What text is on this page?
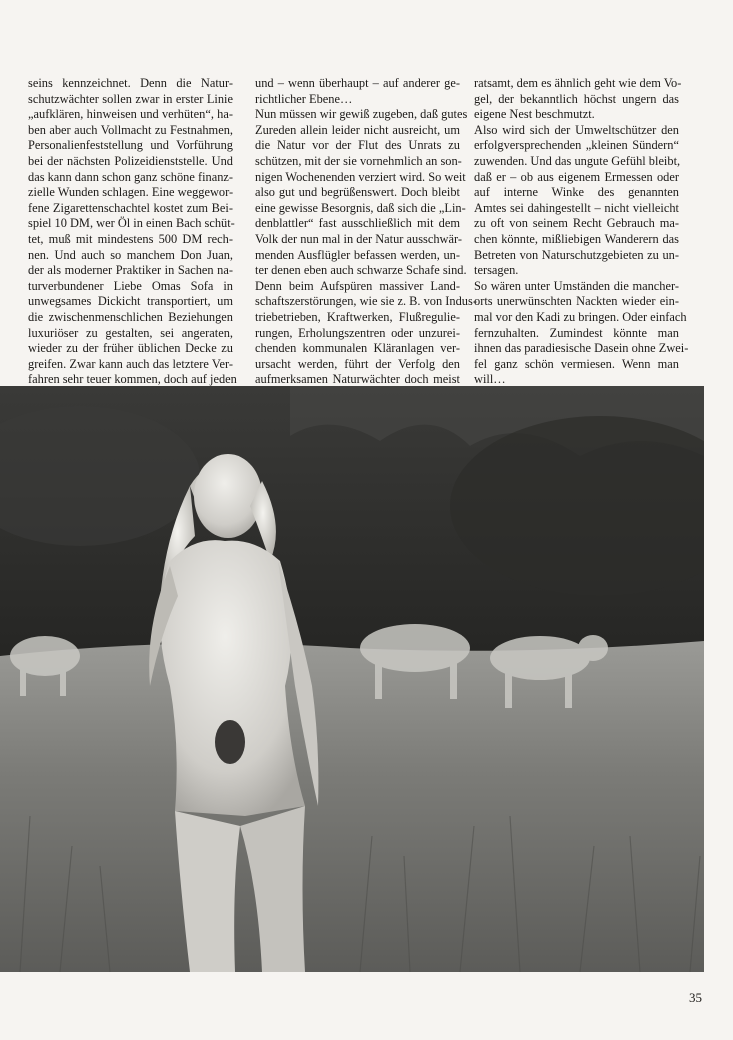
seins kennzeichnet. Denn die Natur-
schutzwächter sollen zwar in erster Linie
„aufklären, hinweisen und verhüten“, ha-
ben aber auch Vollmacht zu Festnahmen,
Personalienfeststellung und Vorführung
bei der nächsten Polizeidienststelle. Und
das kann dann schon ganz schöne finanz-
zielle Wunden schlagen. Eine weggewor-
fene Zigarettenschachtel kostet zum Bei-
spiel 10 DM, wer Öl in einen Bach schüt-
tet, muß mit mindestens 500 DM rech-
nen. Und auch so manchem Don Juan,
der als moderner Praktiker in Sachen na-
turverbundener Liebe Omas Sofa in
unwegsames Dickicht transportiert, um
die zwischenmenschlichen Beziehungen
luxuriöser zu gestalten, sei angeraten,
wieder zu der früher üblichen Decke zu
greifen. Zwar kann auch das letztere Ver-
fahren sehr teuer kommen, doch auf jeden
und – wenn überhaupt – auf anderer ge-
richtlicher Ebene…
Nun müssen wir gewiß zugeben, daß gutes
Zureden allein leider nicht ausreicht, um
die Natur vor der Flut des Unrats zu
schützen, mit der sie vornehmlich an son-
nigen Wochenenden verziert wird. So weit
also gut und begrüßenswert. Doch bleibt
eine gewisse Besorgnis, daß sich die „Lin-
denblattler“ fast ausschließlich mit dem
Volk der nun mal in der Natur ausschwär-
menden Ausflügler befassen werden, un-
ter denen eben auch schwarze Schafe sind.
Denn beim Aufspüren massiver Land-
schaftszerstörungen, wie sie z. B. von Indus-
triebetrieben, Kraftwerken, Flußregulie-
rungen, Erholungszentren oder unzurei-
chenden kommunalen Kläranlagen ver-
ursacht werden, führt der Verfolg den
aufmerksamen Naturwächter doch meist
ratsamt, dem es ähnlich geht wie dem Vo-
gel, der bekanntlich höchst ungern das
eigene Nest beschmutzt.
Also wird sich der Umweltschützer den
erfolgversprechenden „kleinen Sündern“
zuwenden. Und das ungute Gefühl bleibt,
daß er – ob aus eigenem Ermessen oder
auf interne Winke des genannten
Amtes sei dahingestellt – nicht vielleicht
zu oft von seinem Recht Gebrauch ma-
chen könnte, mißliebigen Wanderern das
Betreten von Naturschutzgebieten zu un-
tersagen.
So wären unter Umständen die mancher-
orts unerwünschten Nackten wieder ein-
mal vor den Kadi zu bringen. Oder einfach
fernzuhalten. Zumindest könnte man
ihnen das paradiesische Dasein ohne Zwei-
fel ganz schön vermiesen. Wenn man
will…
35
